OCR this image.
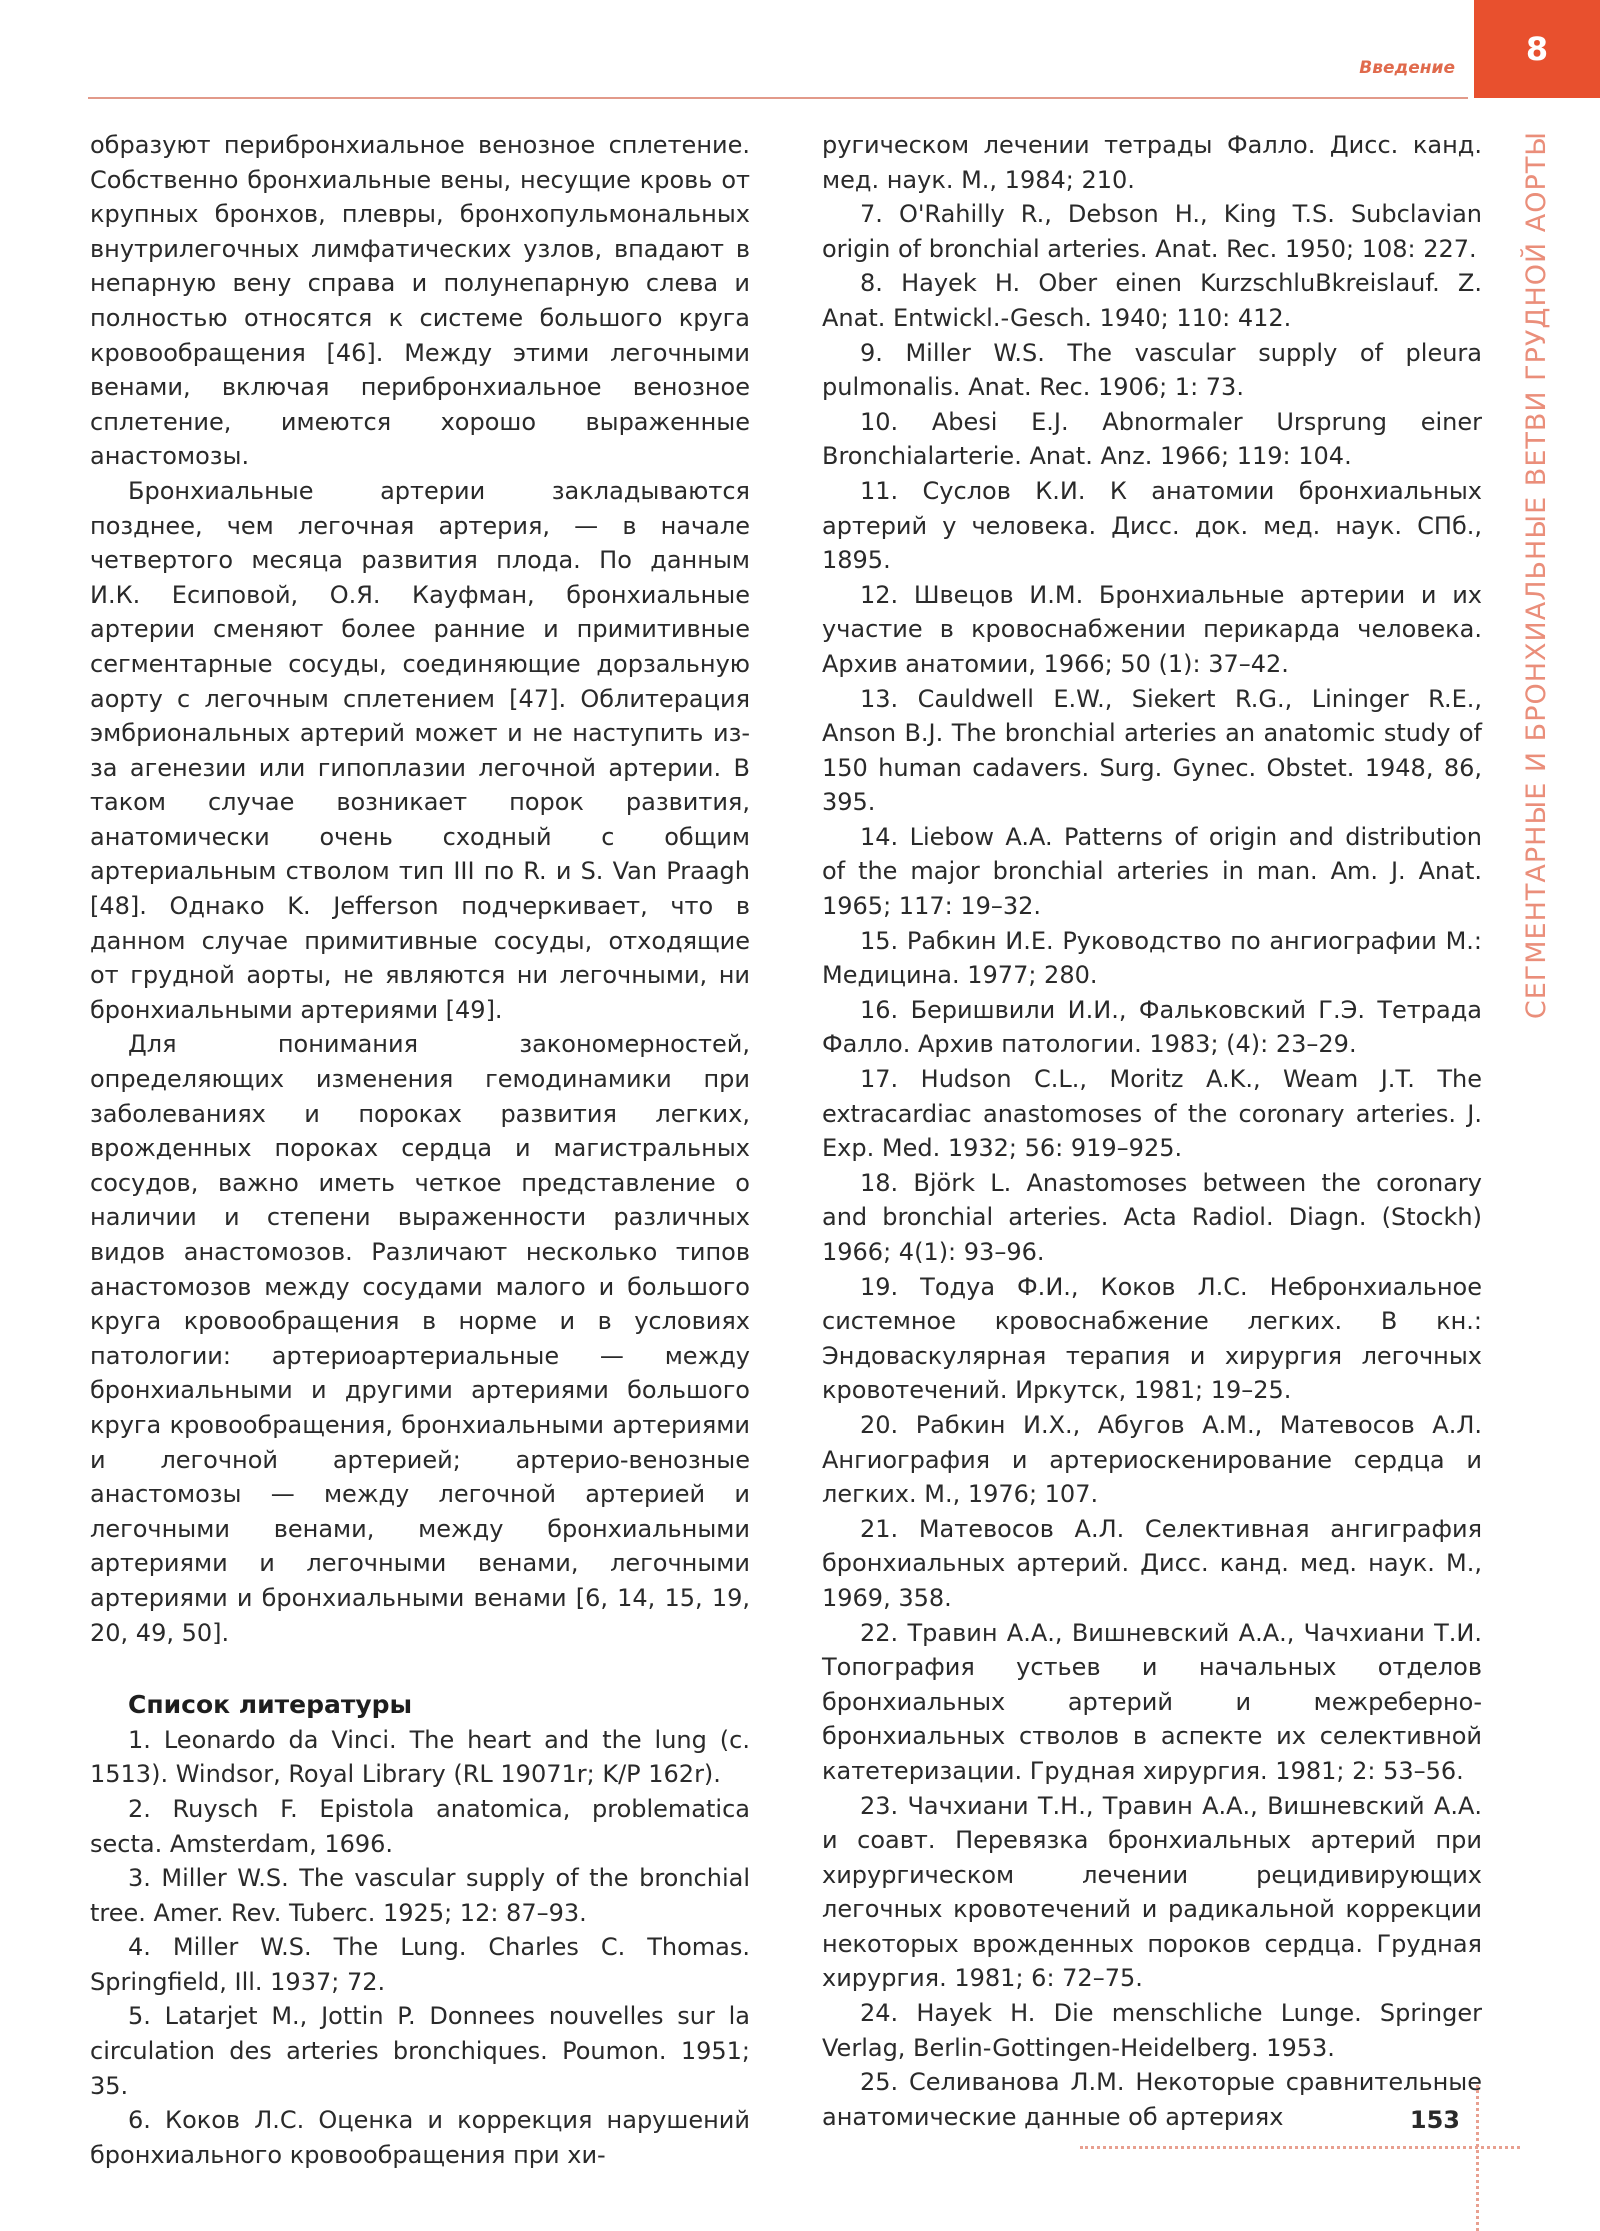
Введение 8
СЕГМЕНТАРНЫЕ И БРОНХИАЛЬНЫЕ ВЕТВИ ГРУДНОЙ АОРТЫ

образуют перибронхиальное венозное сплетение. Собственно бронхиальные вены, несущие кровь от крупных бронхов, плевры, бронхопульмональных внутрилегочных лимфатических узлов, впадают в непарную вену справа и полунепарную слева и полностью относятся к системе большого круга кровообращения [46]. Между этими легочными венами, включая перибронхиальное венозное сплетение, имеются хорошо выраженные анастомозы.

Бронхиальные артерии закладываются позднее, чем легочная артерия, — в начале четвертого месяца развития плода. По данным И.К. Есиповой, О.Я. Кауфман, бронхиальные артерии сменяют более ранние и примитивные сегментарные сосуды, соединяющие дорзальную аорту с легочным сплетением [47]. Облитерация эмбриональных артерий может и не наступить из-за агенезии или гипоплазии легочной артерии. В таком случае возникает порок развития, анатомически очень сходный с общим артериальным стволом тип III по R. и S. Van Praagh [48]. Однако K. Jefferson подчеркивает, что в данном случае примитивные сосуды, отходящие от грудной аорты, не являются ни легочными, ни бронхиальными артериями [49].

Для понимания закономерностей, определяющих изменения гемодинамики при заболеваниях и пороках развития легких, врожденных пороках сердца и магистральных сосудов, важно иметь четкое представление о наличии и степени выраженности различных видов анастомозов. Различают несколько типов анастомозов между сосудами малого и большого круга кровообращения в норме и в условиях патологии: артериоартериальные — между бронхиальными и другими артериями большого круга кровообращения, бронхиальными артериями и легочной артерией; артерио-венозные анастомозы — между легочной артерией и легочными венами, между бронхиальными артериями и легочными венами, легочными артериями и бронхиальными венами [6, 14, 15, 19, 20, 49, 50].

Список литературы

1. Leonardo da Vinci. The heart and the lung (c. 1513). Windsor, Royal Library (RL 19071r; K/P 162r).

2. Ruysch F. Epistola anatomica, problematica secta. Amsterdam, 1696.

3. Miller W.S. The vascular supply of the bronchial tree. Amer. Rev. Tuberc. 1925; 12: 87–93.

4. Miller W.S. The Lung. Charles C. Thomas. Springfield, Ill. 1937; 72.

5. Latarjet M., Jottin P. Donnees nouvelles sur la circulation des arteries bronchiques. Poumon. 1951; 35.

6. Коков Л.С. Оценка и коррекция нарушений бронхиального кровообращения при хи-

ругическом лечении тетрады Фалло. Дисс. канд. мед. наук. М., 1984; 210.

7. O'Rahilly R., Debson H., King T.S. Subclavian origin of bronchial arteries. Anat. Rec. 1950; 108: 227.

8. Hayek H. Ober einen KurzschluBkreislauf. Z. Anat. Entwickl.-Gesch. 1940; 110: 412.

9. Miller W.S. The vascular supply of pleura pulmonalis. Anat. Rec. 1906; 1: 73.

10. Abesi E.J. Abnormaler Ursprung einer Bronchialarterie. Anat. Anz. 1966; 119: 104.

11. Суслов К.И. К анатомии бронхиальных артерий у человека. Дисс. док. мед. наук. СПб., 1895.

12. Швецов И.М. Бронхиальные артерии и их участие в кровоснабжении перикарда человека. Архив анатомии, 1966; 50 (1): 37–42.

13. Cauldwell E.W., Siekert R.G., Lininger R.E., Anson B.J. The bronchial arteries an anatomic study of 150 human cadavers. Surg. Gynec. Obstet. 1948, 86, 395.

14. Liebow A.A. Patterns of origin and distribution of the major bronchial arteries in man. Am. J. Anat. 1965; 117: 19–32.

15. Рабкин И.Е. Руководство по ангиографии М.: Медицина. 1977; 280.

16. Беришвили И.И., Фальковский Г.Э. Тетрада Фалло. Архив патологии. 1983; (4): 23–29.

17. Hudson C.L., Moritz A.K., Weam J.T. The extracardiac anastomoses of the coronary arteries. J. Exp. Med. 1932; 56: 919–925.

18. Björk L. Anastomoses between the coronary and bronchial arteries. Acta Radiol. Diagn. (Stockh) 1966; 4(1): 93–96.

19. Тодуа Ф.И., Коков Л.С. Небронхиальное системное кровоснабжение легких. В кн.: Эндоваскулярная терапия и хирургия легочных кровотечений. Иркутск, 1981; 19–25.

20. Рабкин И.Х., Абугов А.М., Матевосов А.Л. Ангиография и артериоскенирование сердца и легких. М., 1976; 107.

21. Матевосов А.Л. Селективная ангиграфия бронхиальных артерий. Дисс. канд. мед. наук. М., 1969, 358.

22. Травин А.А., Вишневский А.А., Чачхиани Т.И. Топография устьев и начальных отделов бронхиальных артерий и межреберно-бронхиальных стволов в аспекте их селективной катетеризации. Грудная хирургия. 1981; 2: 53–56.

23. Чачхиани Т.Н., Травин А.А., Вишневский А.А. и соавт. Перевязка бронхиальных артерий при хирургическом лечении рецидивирующих легочных кровотечений и радикальной коррекции некоторых врожденных пороков сердца. Грудная хирургия. 1981; 6: 72–75.

24. Hayek H. Die menschliche Lunge. Springer Verlag, Berlin-Gottingen-Heidelberg. 1953.

25. Селиванова Л.М. Некоторые сравнительные анатомические данные об артериях	153
